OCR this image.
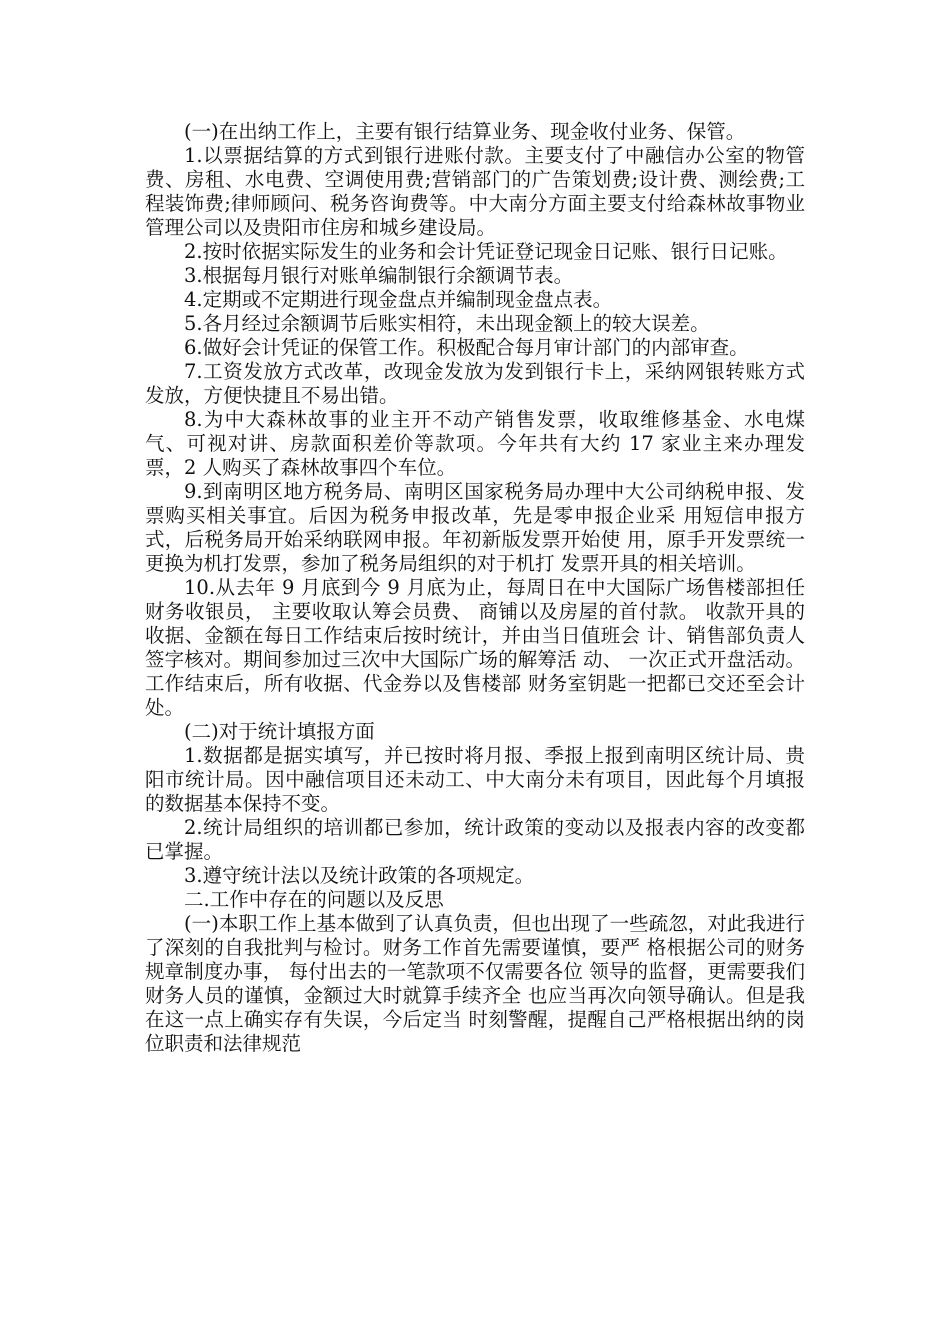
(一)在出纳工作上，主要有银行结算业务、现金收付业务、保管。

1.以票据结算的方式到银行进账付款。主要支付了中融信办公室的物管费、房租、水电费、空调使用费;营销部门的广告策划费;设计费、测绘费;工程装饰费;律师顾问、税务咨询费等。中大南分方面主要支付给森林故事物业管理公司以及贵阳市住房和城乡建设局。

2.按时依据实际发生的业务和会计凭证登记现金日记账、银行日记账。

3.根据每月银行对账单编制银行余额调节表。

4.定期或不定期进行现金盘点并编制现金盘点表。

5.各月经过余额调节后账实相符，未出现金额上的较大误差。

6.做好会计凭证的保管工作。积极配合每月审计部门的内部审查。

7.工资发放方式改革，改现金发放为发到银行卡上，采纳网银转账方式发放，方便快捷且不易出错。

8.为中大森林故事的业主开不动产销售发票，收取维修基金、水电煤气、可视对讲、房款面积差价等款项。今年共有大约 17 家业主来办理发票，2 人购买了森林故事四个车位。

9.到南明区地方税务局、南明区国家税务局办理中大公司纳税申报、发票购买相关事宜。后因为税务申报改革，先是零申报企业采 用短信申报方式，后税务局开始采纳联网申报。年初新版发票开始使 用，原手开发票统一更换为机打发票，参加了税务局组织的对于机打 发票开具的相关培训。

10.从去年 9 月底到今 9 月底为止，每周日在中大国际广场售楼部担任财务收银员， 主要收取认筹会员费、 商铺以及房屋的首付款。 收款开具的收据、金额在每日工作结束后按时统计，并由当日值班会 计、销售部负责人签字核对。期间参加过三次中大国际广场的解筹活 动、 一次正式开盘活动。工作结束后，所有收据、代金券以及售楼部 财务室钥匙一把都已交还至会计处。

(二)对于统计填报方面

1.数据都是据实填写，并已按时将月报、季报上报到南明区统计局、贵阳市统计局。因中融信项目还未动工、中大南分未有项目，因此每个月填报的数据基本保持不变。

2.统计局组织的培训都已参加，统计政策的变动以及报表内容的改变都已掌握。

3.遵守统计法以及统计政策的各项规定。

二.工作中存在的问题以及反思

(一)本职工作上基本做到了认真负责，但也出现了一些疏忽，对此我进行了深刻的自我批判与检讨。财务工作首先需要谨慎，要严 格根据公司的财务规章制度办事， 每付出去的一笔款项不仅需要各位 领导的监督，更需要我们财务人员的谨慎，金额过大时就算手续齐全 也应当再次向领导确认。但是我在这一点上确实存有失误，今后定当 时刻警醒，提醒自己严格根据出纳的岗位职责和法律规范
